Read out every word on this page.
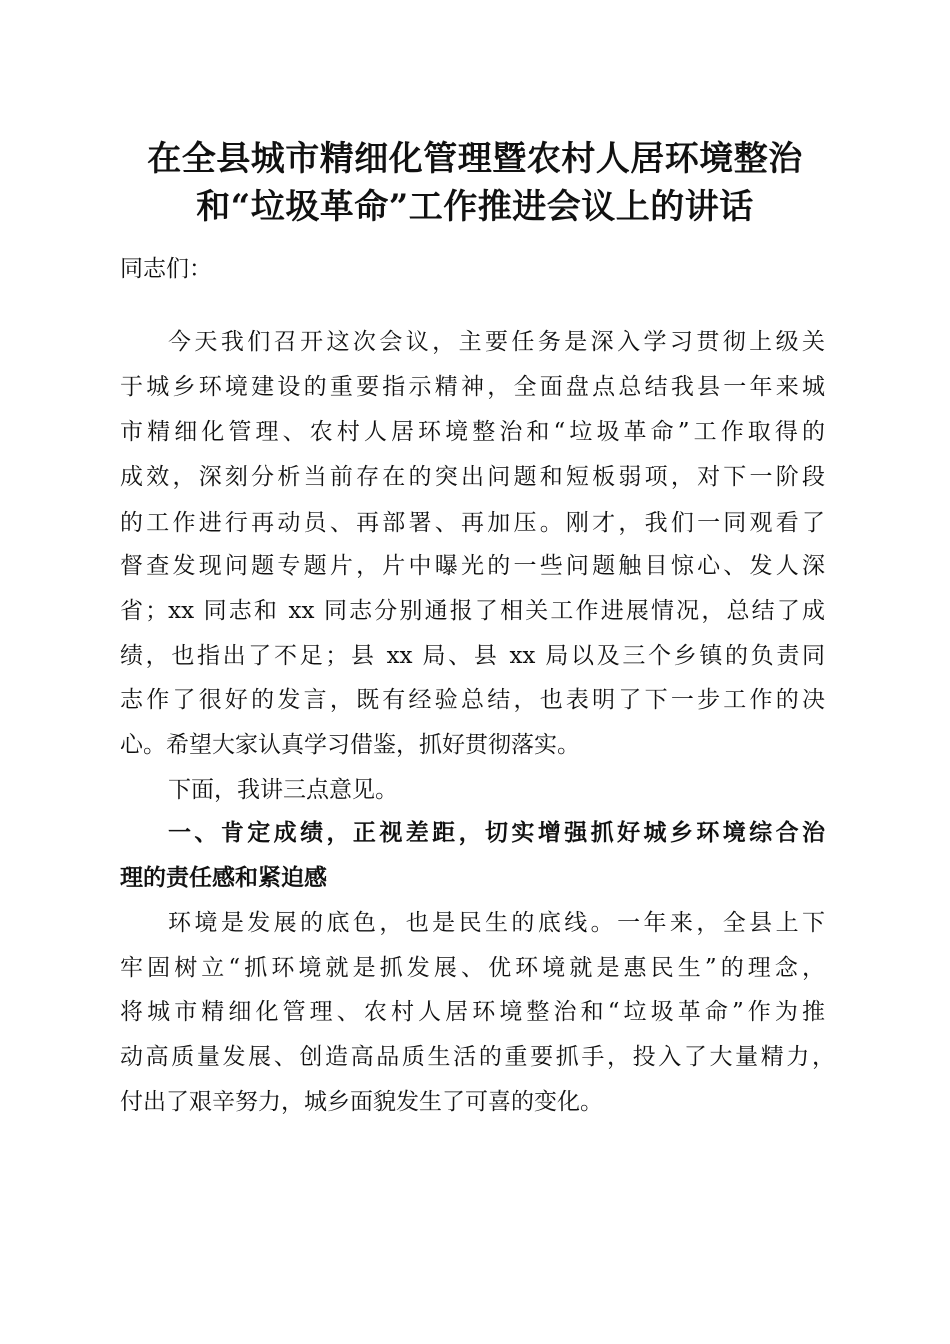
在全县城市精细化管理暨农村人居环境整治
和“垃圾革命”工作推进会议上的讲话
同志们：
今天我们召开这次会议，主要任务是深入学习贯彻上级关
于城乡环境建设的重要指示精神，全面盘点总结我县一年来城
市精细化管理、农村人居环境整治和“垃圾革命”工作取得的
成效，深刻分析当前存在的突出问题和短板弱项，对下一阶段
的工作进行再动员、再部署、再加压。刚才，我们一同观看了
督查发现问题专题片，片中曝光的一些问题触目惊心、发人深
省；xx 同志和 xx 同志分别通报了相关工作进展情况，总结了成
绩，也指出了不足；县 xx 局、县 xx 局以及三个乡镇的负责同
志作了很好的发言，既有经验总结，也表明了下一步工作的决
心。希望大家认真学习借鉴，抓好贯彻落实。
下面，我讲三点意见。
一、肯定成绩，正视差距，切实增强抓好城乡环境综合治
理的责任感和紧迫感
环境是发展的底色，也是民生的底线。一年来，全县上下
牢固树立“抓环境就是抓发展、优环境就是惠民生”的理念，
将城市精细化管理、农村人居环境整治和“垃圾革命”作为推
动高质量发展、创造高品质生活的重要抓手，投入了大量精力，
付出了艰辛努力，城乡面貌发生了可喜的变化。
